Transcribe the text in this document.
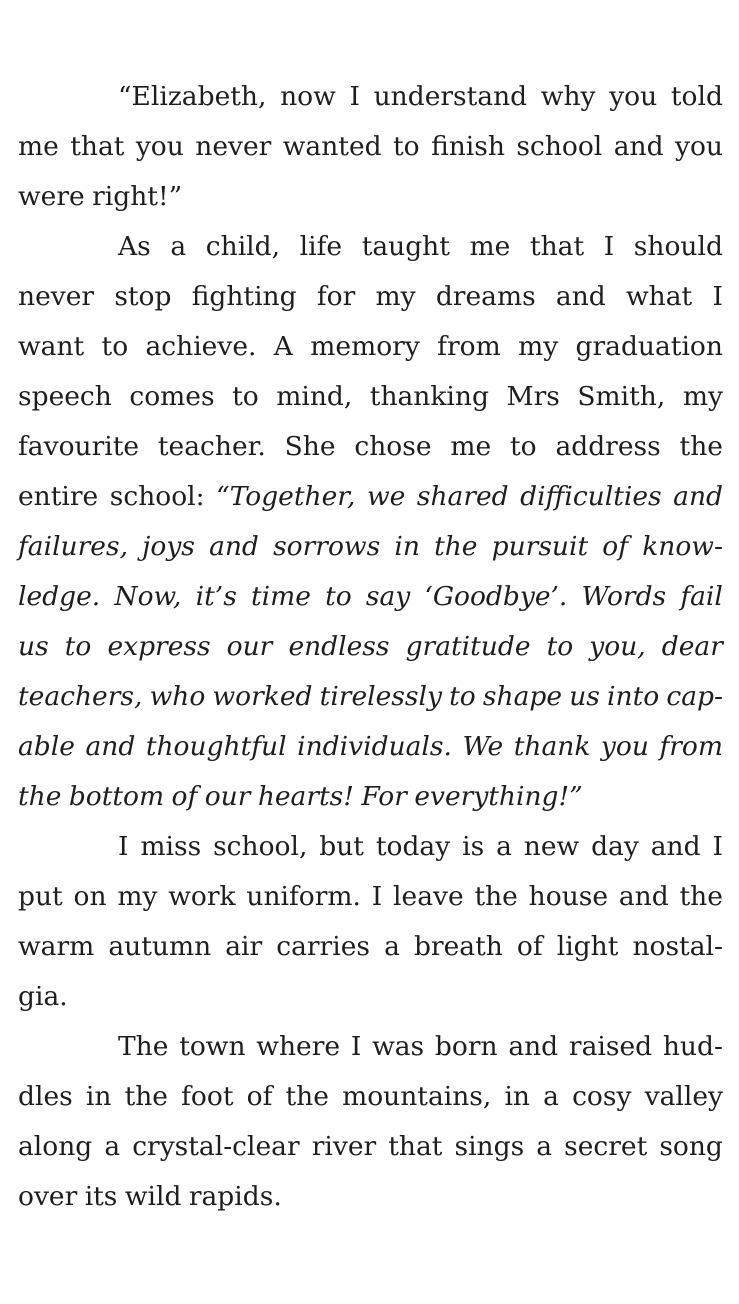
“Elizabeth, now I understand why you told
me that you never wanted to finish school and you
were right!”
As a child, life taught me that I should
never stop fighting for my dreams and what I
want to achieve. A memory from my graduation
speech comes to mind, thanking Mrs Smith, my
favourite teacher. She chose me to address the
entire school: “Together, we shared difficulties and
failures, joys and sorrows in the pursuit of know-
ledge. Now, it’s time to say ‘Goodbye’. Words fail
us to express our endless gratitude to you, dear
teachers, who worked tirelessly to shape us into cap-
able and thoughtful individuals. We thank you from
the bottom of our hearts! For everything!”
I miss school, but today is a new day and I
put on my work uniform. I leave the house and the
warm autumn air carries a breath of light nostal-
gia.
The town where I was born and raised hud-
dles in the foot of the mountains, in a cosy valley
along a crystal-clear river that sings a secret song
over its wild rapids.
